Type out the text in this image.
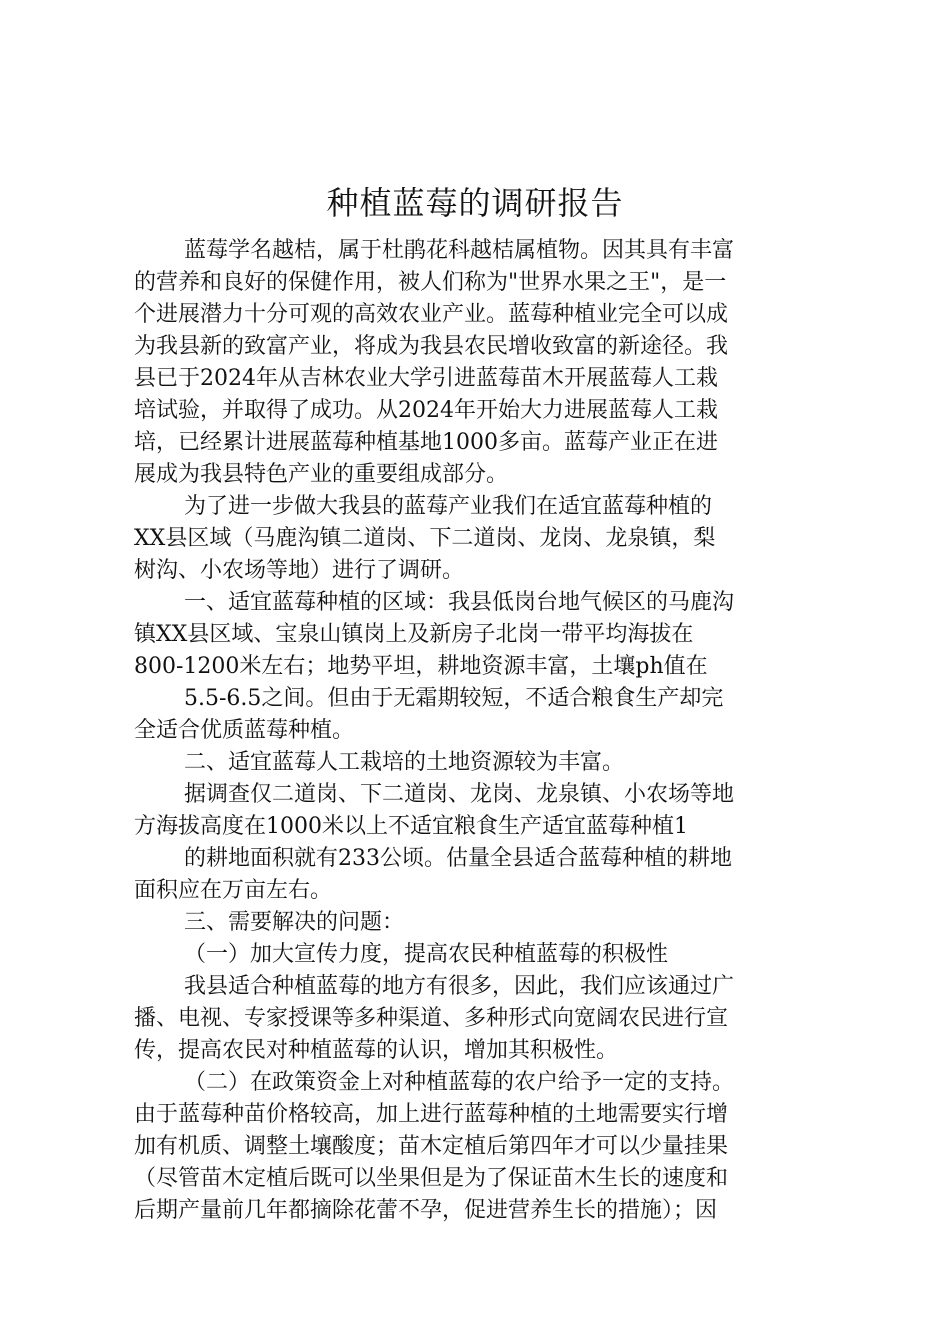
种植蓝莓的调研报告
蓝莓学名越桔，属于杜鹃花科越桔属植物。因其具有丰富
的营养和良好的保健作用，被人们称为"世界水果之王"，是一
个进展潜力十分可观的高效农业产业。蓝莓种植业完全可以成
为我县新的致富产业，将成为我县农民增收致富的新途径。我
县已于2024年从吉林农业大学引进蓝莓苗木开展蓝莓人工栽
培试验，并取得了成功。从2024年开始大力进展蓝莓人工栽
培，已经累计进展蓝莓种植基地1000多亩。蓝莓产业正在进
展成为我县特色产业的重要组成部分。
为了进一步做大我县的蓝莓产业我们在适宜蓝莓种植的
XX县区域（马鹿沟镇二道岗、下二道岗、龙岗、龙泉镇，梨
树沟、小农场等地）进行了调研。
一、适宜蓝莓种植的区域：我县低岗台地气候区的马鹿沟
镇XX县区域、宝泉山镇岗上及新房子北岗一带平均海拔在
800-1200米左右；地势平坦，耕地资源丰富，土壤ph值在
5.5-6.5之间。但由于无霜期较短，不适合粮食生产却完
全适合优质蓝莓种植。
二、适宜蓝莓人工栽培的土地资源较为丰富。
据调查仅二道岗、下二道岗、龙岗、龙泉镇、小农场等地
方海拔高度在1000米以上不适宜粮食生产适宜蓝莓种植1
的耕地面积就有233公顷。估量全县适合蓝莓种植的耕地
面积应在万亩左右。
三、需要解决的问题：
（一）加大宣传力度，提高农民种植蓝莓的积极性
我县适合种植蓝莓的地方有很多，因此，我们应该通过广
播、电视、专家授课等多种渠道、多种形式向宽阔农民进行宣
传，提高农民对种植蓝莓的认识，增加其积极性。
（二）在政策资金上对种植蓝莓的农户给予一定的支持。
由于蓝莓种苗价格较高，加上进行蓝莓种植的土地需要实行增
加有机质、调整土壤酸度；苗木定植后第四年才可以少量挂果
（尽管苗木定植后既可以坐果但是为了保证苗木生长的速度和
后期产量前几年都摘除花蕾不孕，促进营养生长的措施）；因
